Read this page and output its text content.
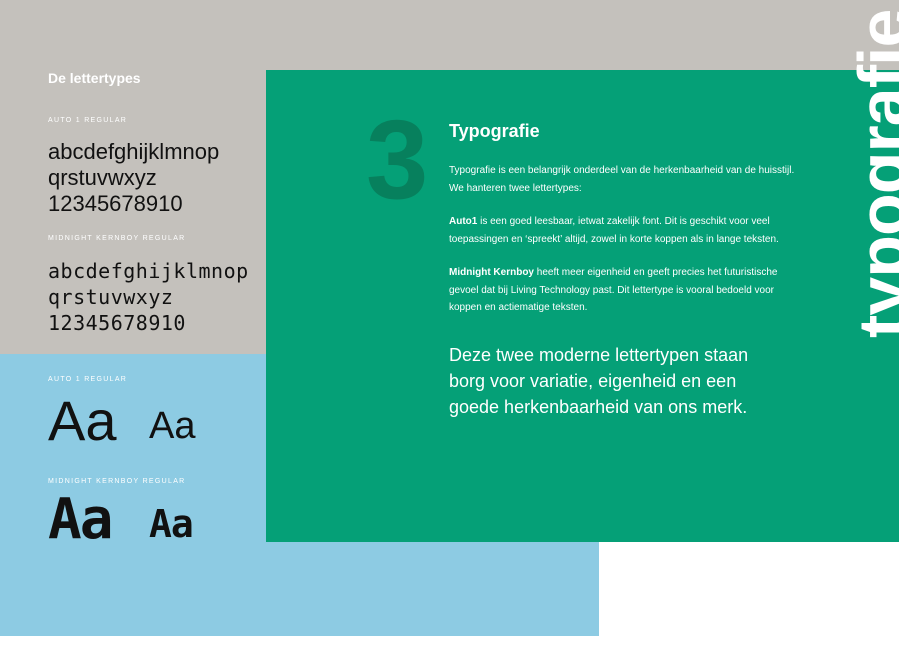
De lettertypes

AUTO 1 REGULAR

abcdefghijklmnop
qrstuvwxyz
12345678910

MIDNIGHT KERNBOY REGULAR

abcdefghijklmnop
qrstuvwxyz
12345678910

AUTO 1 REGULAR

Aa Aa

MIDNIGHT KERNBOY REGULAR

Aa Aa

3 Typografie

Typografie is een belangrijk onderdeel van de herkenbaarheid van de huisstijl. We hanteren twee lettertypes:

Auto1 is een goed leesbaar, ietwat zakelijk font. Dit is geschikt voor veel toepassingen en ‘spreekt’ altijd, zowel in korte koppen als in lange teksten.

Midnight Kernboy heeft meer eigenheid en geeft precies het futuristische gevoel dat bij Living Technology past. Dit lettertype is vooral bedoeld voor koppen en actiematige teksten.

Deze twee moderne lettertypen staan borg voor variatie, eigenheid en een goede herkenbaarheid van ons merk.

typografie
